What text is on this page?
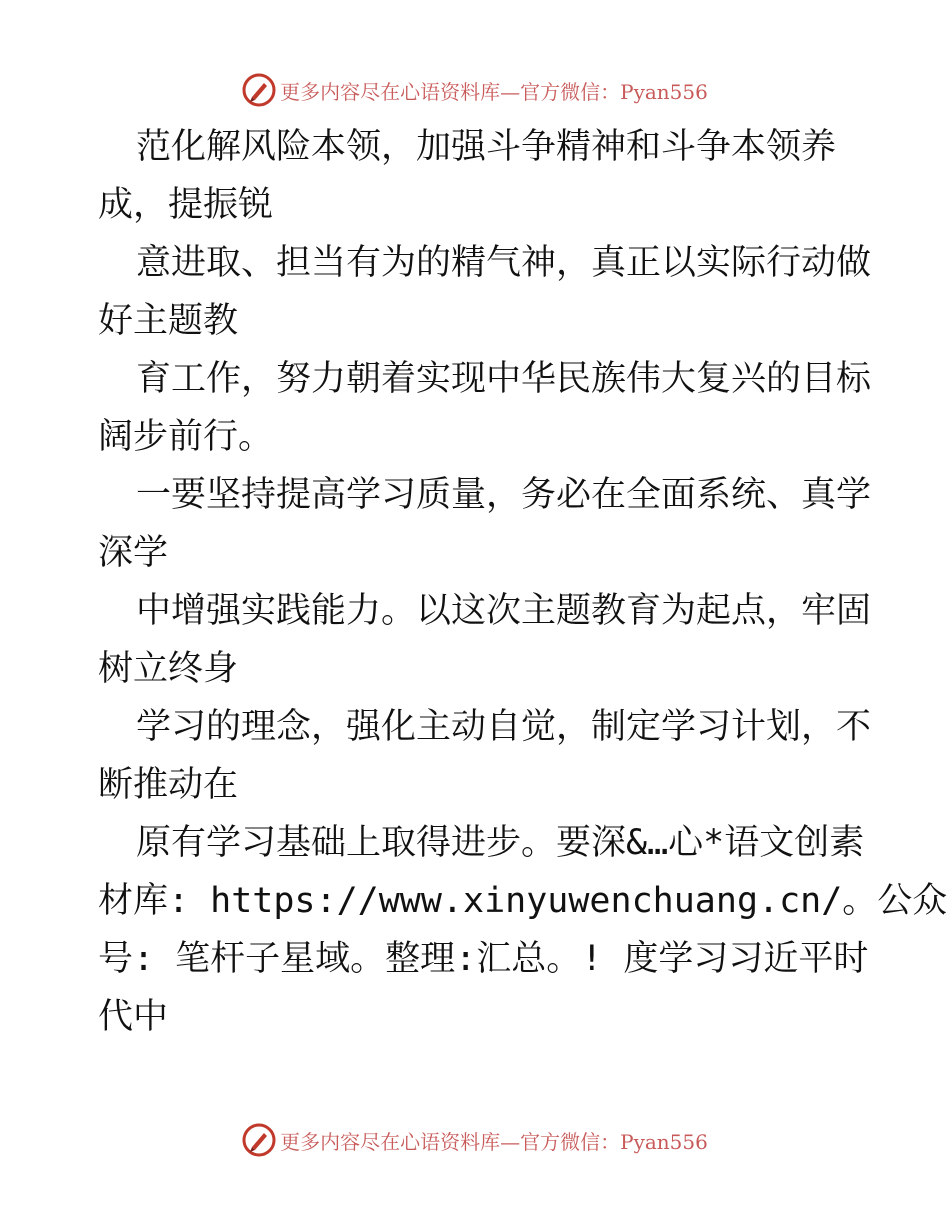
更多内容尽在心语资料库—官方微信：Pyan556
范化解风险本领，加强斗争精神和斗争本领养
成，提振锐
意进取、担当有为的精气神，真正以实际行动做
好主题教
育工作，努力朝着实现中华民族伟大复兴的目标
阔步前行。
一要坚持提高学习质量，务必在全面系统、真学
深学
中增强实践能力。以这次主题教育为起点，牢固
树立终身
学习的理念，强化主动自觉，制定学习计划，不
断推动在
原有学习基础上取得进步。要深&…心*语文创素
材库: https://www.xinyuwenchuang.cn/。公众
号: 笔杆子星域。整理:汇总。! 度学习习近平时
代中
更多内容尽在心语资料库—官方微信：Pyan556
